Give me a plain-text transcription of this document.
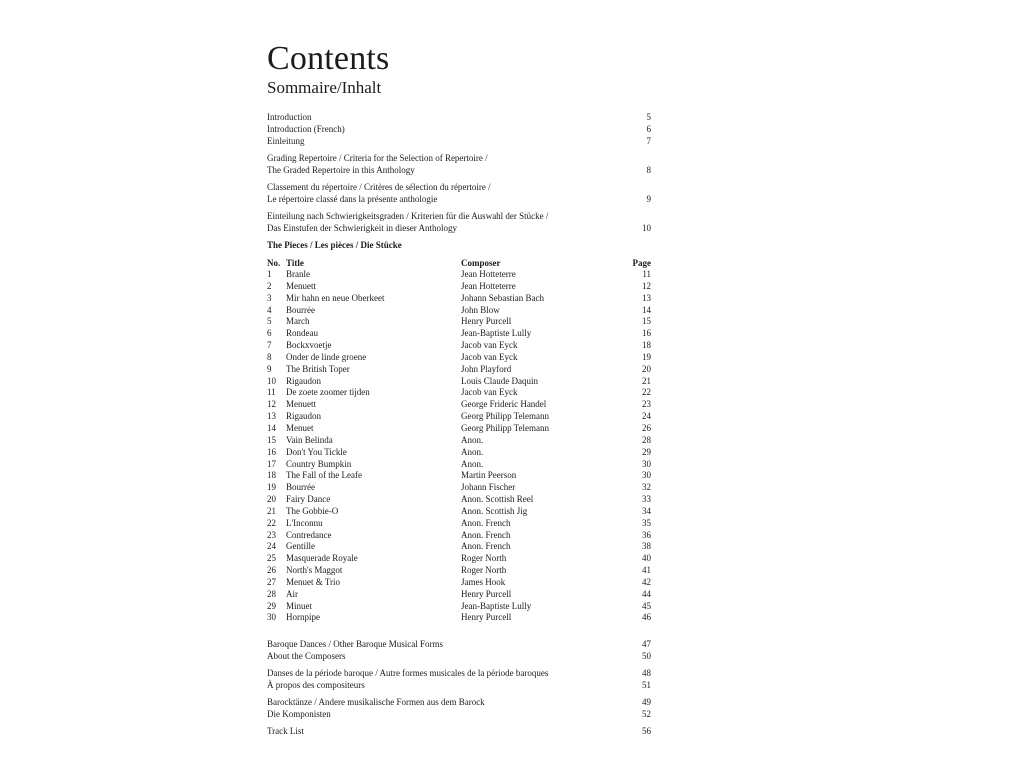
Contents
Sommaire/Inhalt
Introduction	5
Introduction (French)	6
Einleitung	7
Grading Repertoire / Criteria for the Selection of Repertoire /
The Graded Repertoire in this Anthology	8
Classement du répertoire / Critères de sélection du répertoire /
Le répertoire classé dans la présente anthologie	9
Einteilung nach Schwierigkeitsgraden / Kriterien für die Auswahl der Stücke /
Das Einstufen der Schwierigkeit in dieser Anthology	10
The Pieces / Les pièces / Die Stücke
No.	Title	Composer	Page
1	Branle	Jean Hotteterre	11
2	Menuett	Jean Hotteterre	12
3	Mir hahn en neue Oberkeet	Johann Sebastian Bach	13
4	Bourrée	John Blow	14
5	March	Henry Purcell	15
6	Rondeau	Jean-Baptiste Lully	16
7	Bockxvoetje	Jacob van Eyck	18
8	Onder de linde groene	Jacob van Eyck	19
9	The British Toper	John Playford	20
10	Rigaudon	Louis Claude Daquin	21
11	De zoete zoomer tijden	Jacob van Eyck	22
12	Menuett	George Frideric Handel	23
13	Rigaudon	Georg Philipp Telemann	24
14	Menuet	Georg Philipp Telemann	26
15	Vain Belinda	Anon.	28
16	Don't You Tickle	Anon.	29
17	Country Bumpkin	Anon.	30
18	The Fall of the Leafe	Martin Peerson	30
19	Bourrée	Johann Fischer	32
20	Fairy Dance	Anon. Scottish Reel	33
21	The Gobbie-O	Anon. Scottish Jig	34
22	L'Inconnu	Anon. French	35
23	Contredance	Anon. French	36
24	Gentille	Anon. French	38
25	Masquerade Royale	Roger North	40
26	North's Maggot	Roger North	41
27	Menuet & Trio	James Hook	42
28	Air	Henry Purcell	44
29	Minuet	Jean-Baptiste Lully	45
30	Hornpipe	Henry Purcell	46
Baroque Dances / Other Baroque Musical Forms	47
About the Composers	50
Danses de la période baroque / Autre formes musicales de la période baroques	48
À propos des compositeurs	51
Barocktänze / Andere musikalische Formen aus dem Barock	49
Die Komponisten	52
Track List	56
